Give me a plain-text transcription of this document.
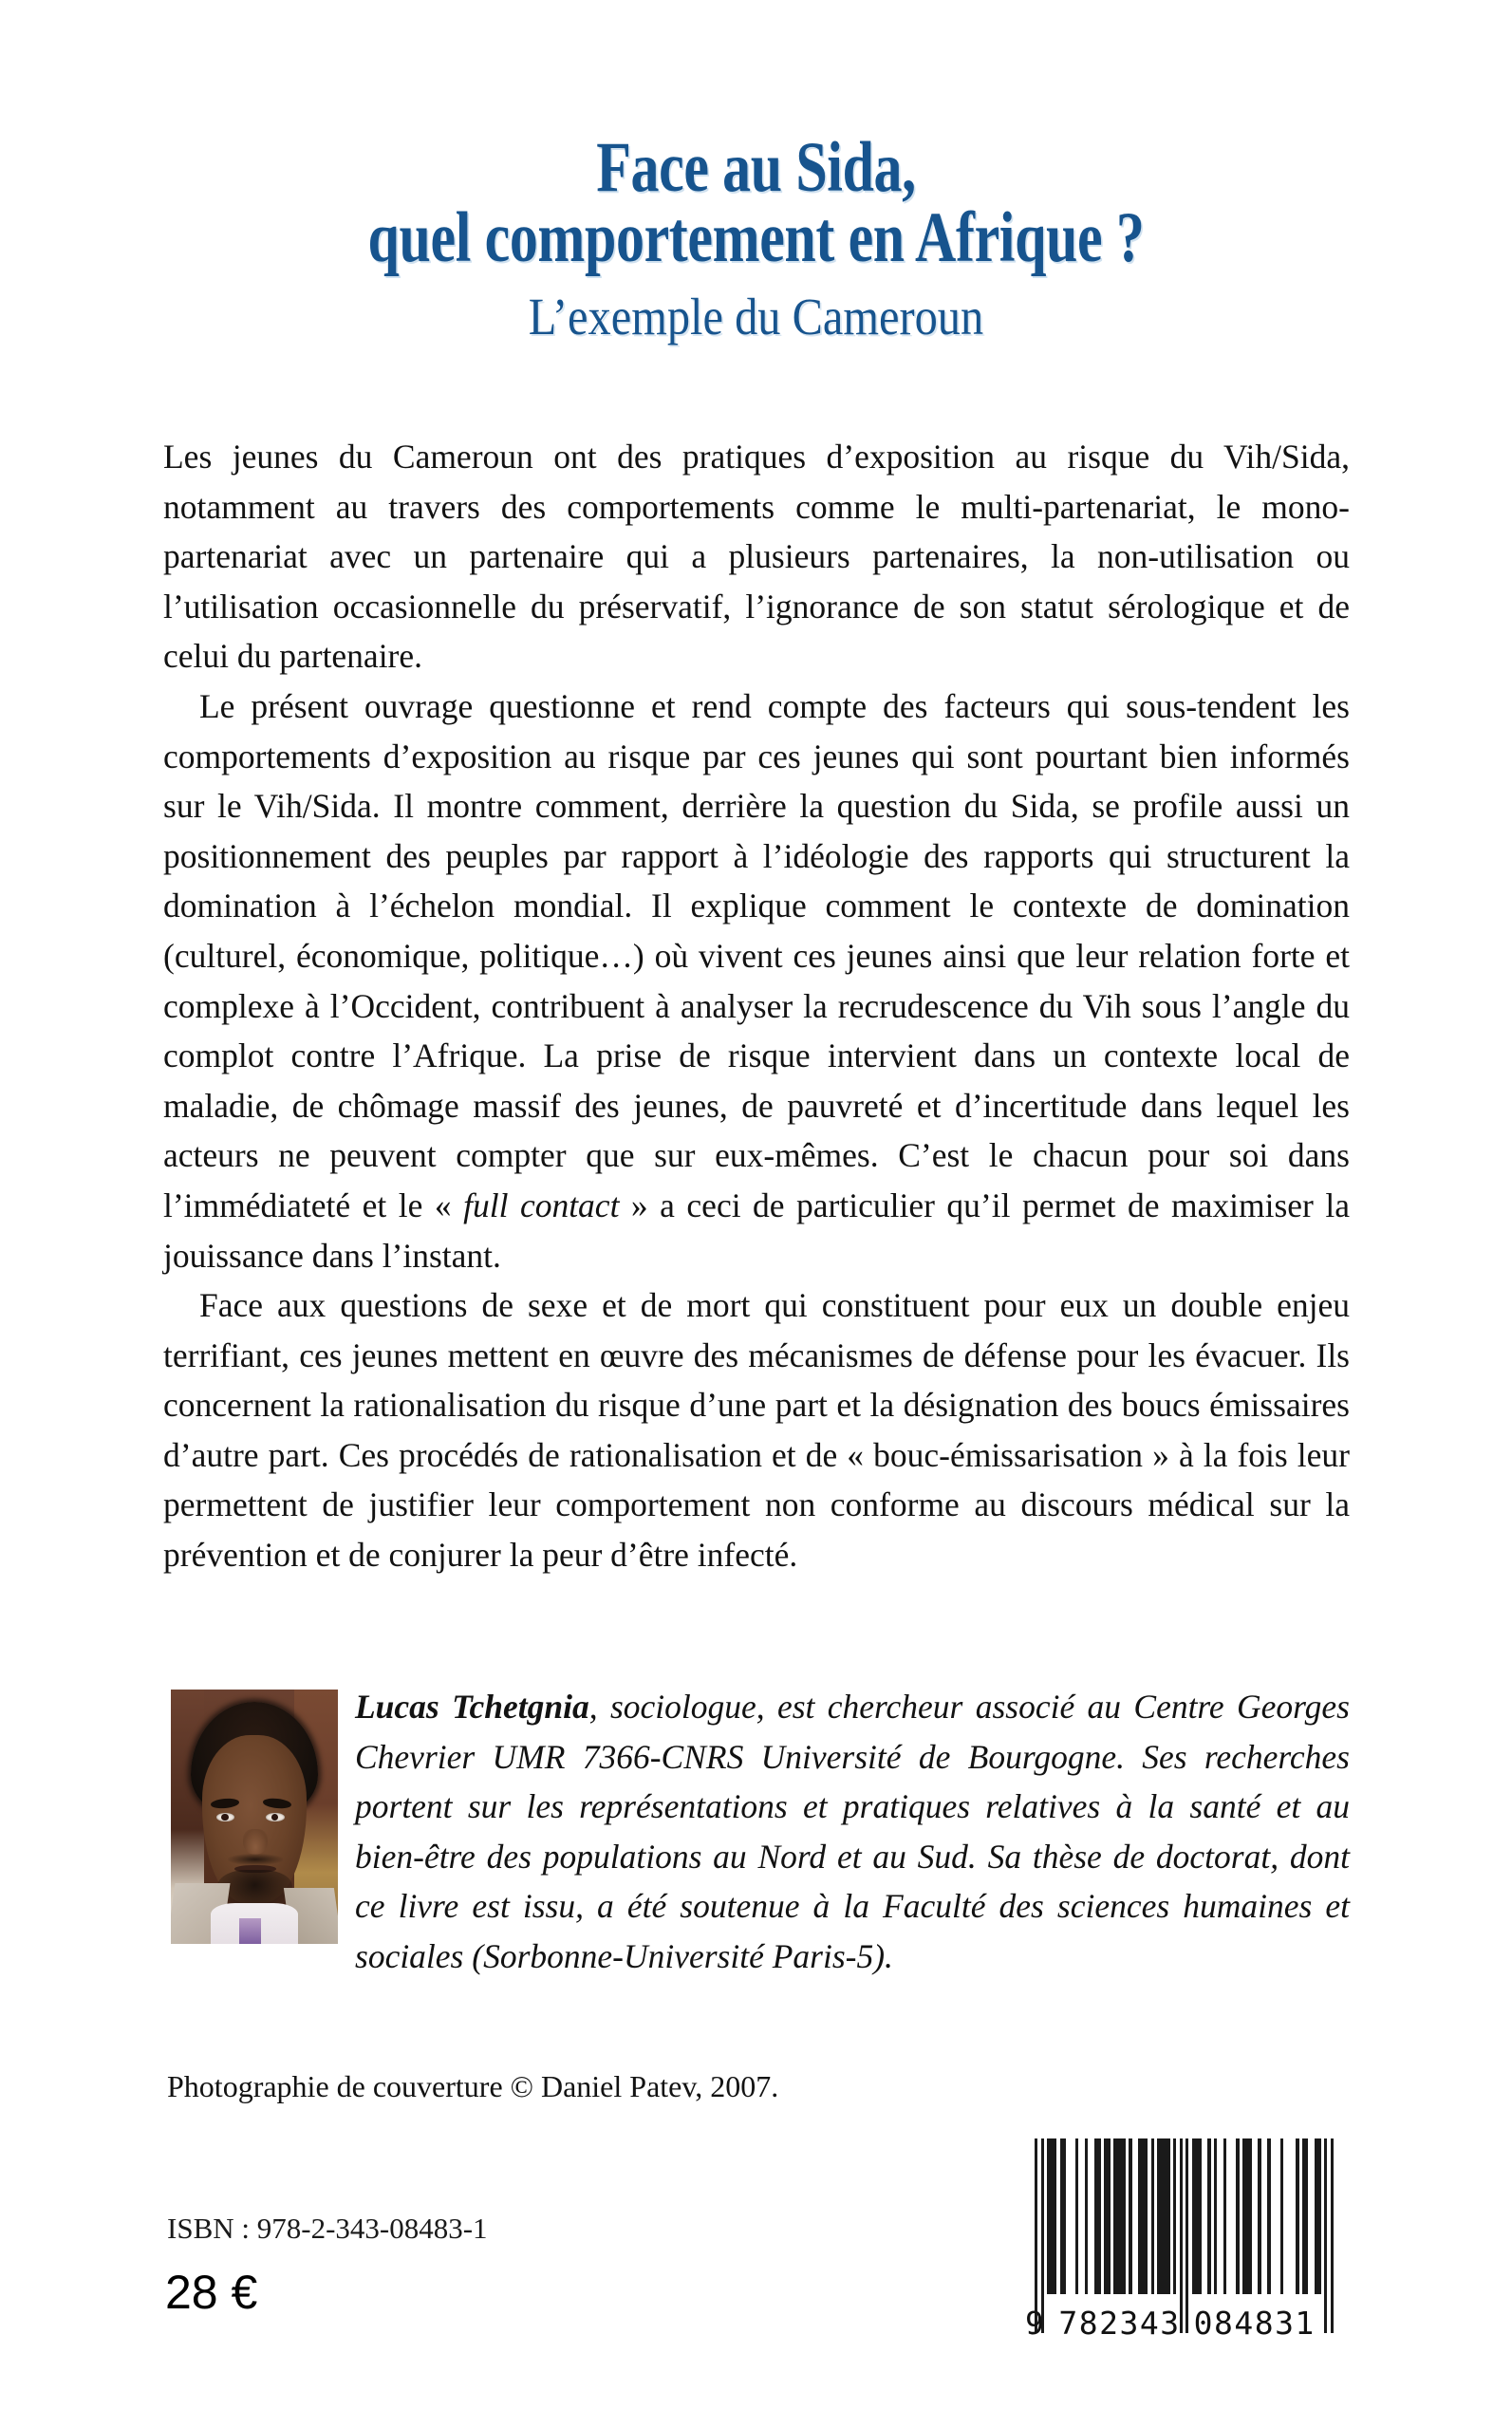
Face au Sida,
quel comportement en Afrique ?
L’exemple du Cameroun

Les jeunes du Cameroun ont des pratiques d’exposition au risque du Vih/Sida, notamment au travers des comportements comme le multi-partenariat, le mono-partenariat avec un partenaire qui a plusieurs partenaires, la non-utilisation ou l’utilisation occasionnelle du préservatif, l’ignorance de son statut sérologique et de celui du partenaire.

Le présent ouvrage questionne et rend compte des facteurs qui sous-tendent les comportements d’exposition au risque par ces jeunes qui sont pourtant bien informés sur le Vih/Sida. Il montre comment, derrière la question du Sida, se profile aussi un positionnement des peuples par rapport à l’idéologie des rapports qui structurent la domination à l’échelon mondial. Il explique comment le contexte de domination (culturel, économique, politique…) où vivent ces jeunes ainsi que leur relation forte et complexe à l’Occident, contribuent à analyser la recrudescence du Vih sous l’angle du complot contre l’Afrique. La prise de risque intervient dans un contexte local de maladie, de chômage massif des jeunes, de pauvreté et d’incertitude dans lequel les acteurs ne peuvent compter que sur eux-mêmes. C’est le chacun pour soi dans l’immédiateté et le « full contact » a ceci de particulier qu’il permet de maximiser la jouissance dans l’instant.

Face aux questions de sexe et de mort qui constituent pour eux un double enjeu terrifiant, ces jeunes mettent en œuvre des mécanismes de défense pour les évacuer. Ils concernent la rationalisation du risque d’une part et la désignation des boucs émissaires d’autre part. Ces procédés de rationalisation et de « bouc-émissarisation » à la fois leur permettent de justifier leur comportement non conforme au discours médical sur la prévention et de conjurer la peur d’être infecté.

Lucas Tchetgnia, sociologue, est chercheur associé au Centre Georges Chevrier UMR 7366-CNRS Université de Bourgogne. Ses recherches portent sur les représentations et pratiques relatives à la santé et au bien-être des populations au Nord et au Sud. Sa thèse de doctorat, dont ce livre est issu, a été soutenue à la Faculté des sciences humaines et sociales (Sorbonne-Université Paris-5).
Photographie de couverture © Daniel Patev, 2007.
ISBN : 978-2-343-08483-1
28 €
9 782343 084831
